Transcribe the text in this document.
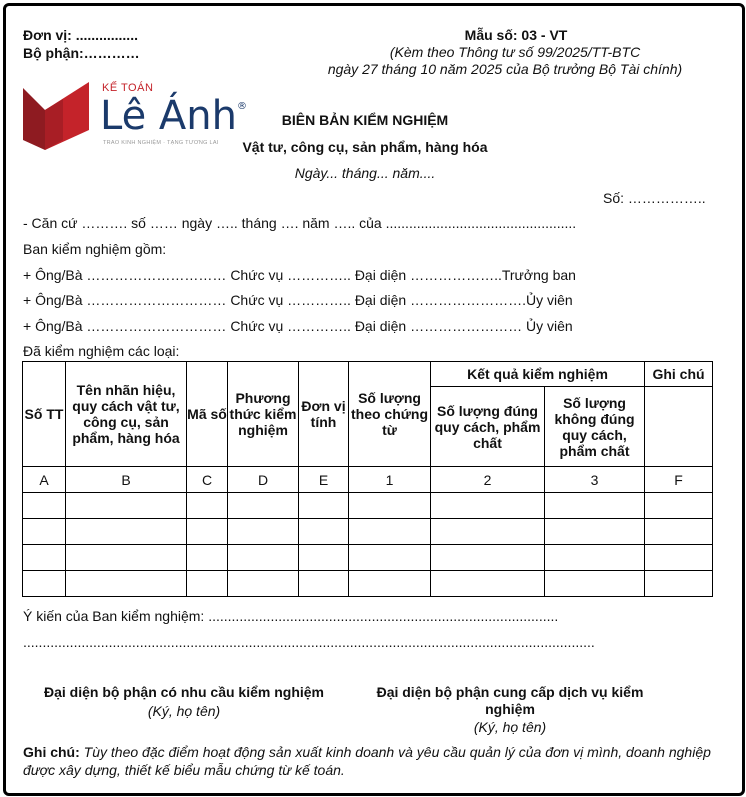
Đơn vị: ................
Bộ phận:…………
Mẫu số: 03 - VT
(Kèm theo Thông tư số 99/2025/TT-BTC
ngày 27 tháng 10 năm 2025 của Bộ trưởng Bộ Tài chính)
KẾ TOÁN
Lê Ánh®
TRAO KINH NGHIỆM · TẠNG TƯƠNG LAI
BIÊN BẢN KIỂM NGHIỆM
Vật tư, công cụ, sản phẩm, hàng hóa
Ngày... tháng... năm....
Số: ……………..
- Căn cứ ………. số …… ngày ….. tháng …. năm ….. của .................................................
Ban kiểm nghiệm gồm:
+ Ông/Bà ………………………… Chức vụ ………….. Đại diện ………………..Trưởng ban
+ Ông/Bà ………………………… Chức vụ ………….. Đại diện …………………….Ủy viên
+ Ông/Bà ………………………… Chức vụ ………….. Đại diện …………………… Ủy viên
Đã kiểm nghiệm các loại:
Số TT	Tên nhãn hiệu, quy cách vật tư, công cụ, sản phẩm, hàng hóa	Mã số	Phương thức kiểm nghiệm	Đơn vị tính	Số lượng theo chứng từ	Kết quả kiểm nghiệm		Ghi chú
						Số lượng đúng quy cách, phẩm chất	Số lượng không đúng quy cách, phẩm chất	
A	B	C	D	E	1	2	3	F

Ý kiến của Ban kiểm nghiệm: ..........................................................................................
...................................................................................................................................................
Đại diện bộ phận có nhu cầu kiểm nghiệm
(Ký, họ tên)
Đại diện bộ phận cung cấp dịch vụ kiểm nghiệm
(Ký, họ tên)
Ghi chú: Tùy theo đặc điểm hoạt động sản xuất kinh doanh và yêu cầu quản lý của đơn vị mình, doanh nghiệp được xây dựng, thiết kế biểu mẫu chứng từ kế toán.
